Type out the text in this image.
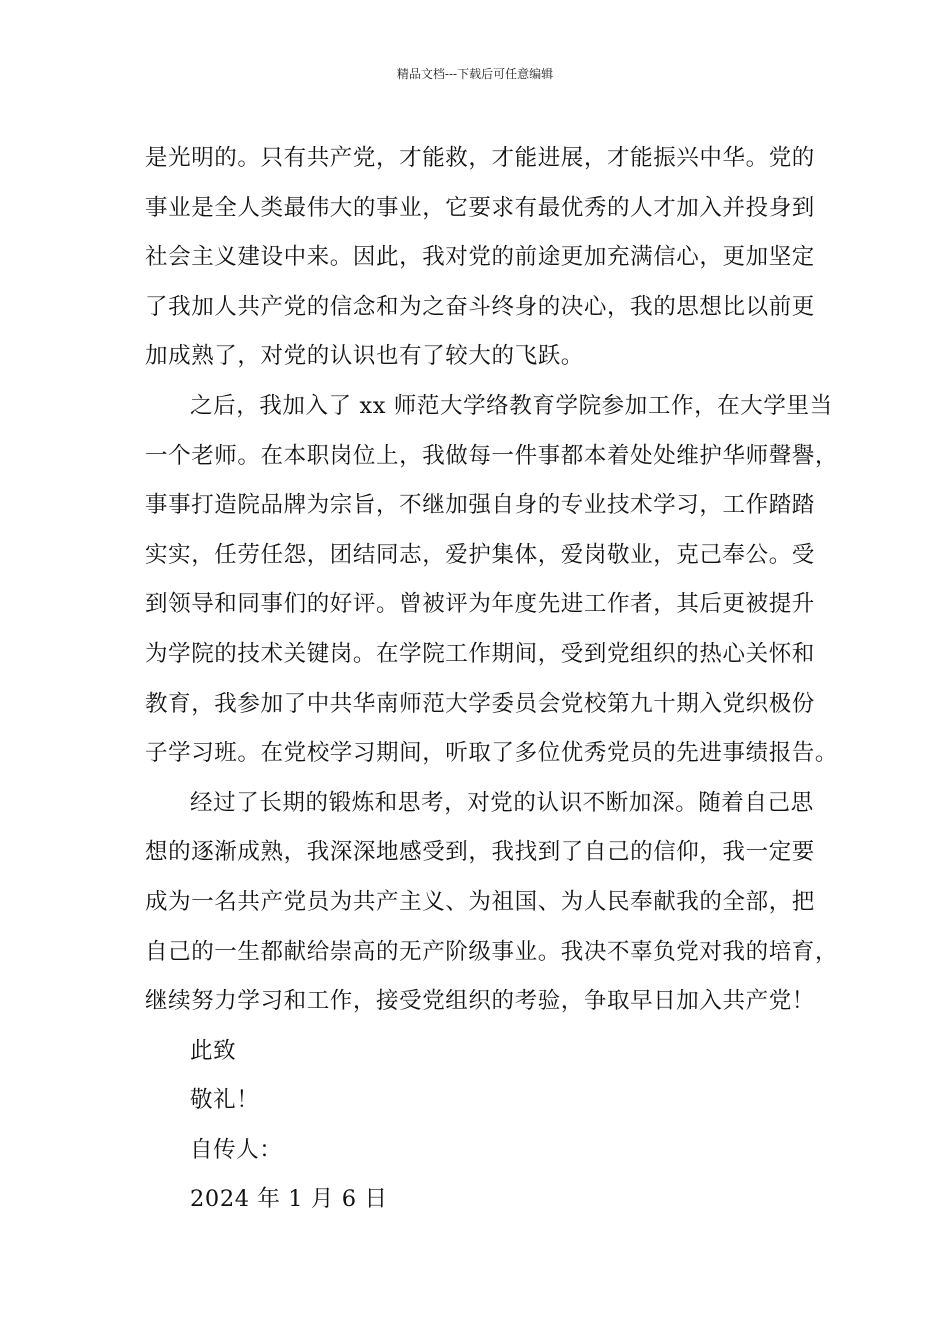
精品文档---下载后可任意编辑
是光明的。只有共产党，才能救，才能进展，才能振兴中华。党的
事业是全人类最伟大的事业，它要求有最优秀的人才加入并投身到
社会主义建设中来。因此，我对党的前途更加充满信心，更加坚定
了我加人共产党的信念和为之奋斗终身的决心，我的思想比以前更
加成熟了，对党的认识也有了较大的飞跃。
之后，我加入了 xx 师范大学络教育学院参加工作，在大学里当
一个老师。在本职岗位上，我做每一件事都本着处处维护华师聲譽，
事事打造院品牌为宗旨，不继加强自身的专业技术学习，工作踏踏
实实，任劳任怨，团结同志，爱护集体，爱岗敬业，克己奉公。受
到领导和同事们的好评。曾被评为年度先进工作者，其后更被提升
为学院的技术关键岗。在学院工作期间，受到党组织的热心关怀和
教育，我参加了中共华南师范大学委员会党校第九十期入党织极份
子学习班。在党校学习期间，听取了多位优秀党员的先进事绩报告。
经过了长期的锻炼和思考，对党的认识不断加深。随着自己思
想的逐渐成熟，我深深地感受到，我找到了自己的信仰，我一定要
成为一名共产党员为共产主义、为祖国、为人民奉献我的全部，把
自己的一生都献给崇高的无产阶级事业。我决不辜负党对我的培育，
继续努力学习和工作，接受党组织的考验，争取早日加入共产党！
此致
敬礼！
自传人：
2024 年 1 月 6 日
